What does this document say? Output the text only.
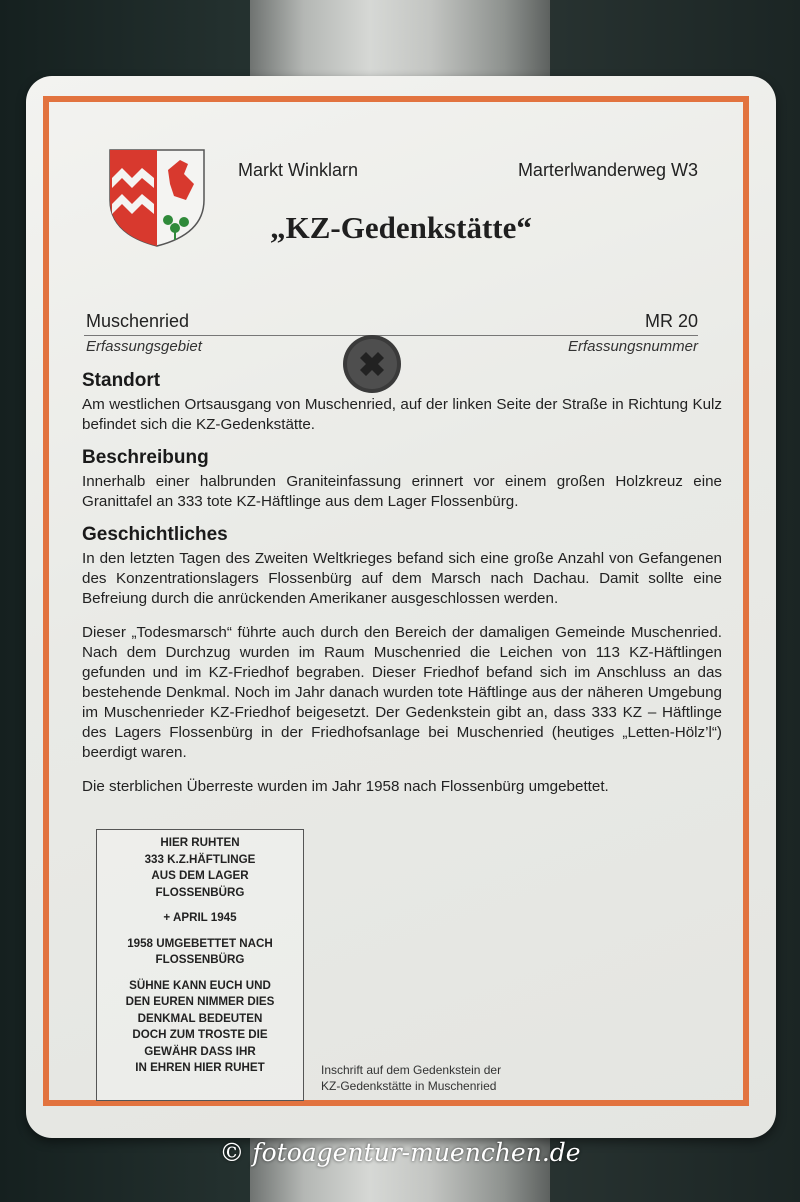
Markt Winklarn	Marterlwanderweg W3
„KZ-Gedenkstätte“
Muschenried	MR 20
Erfassungsgebiet	Erfassungsnummer
Standort

Am westlichen Ortsausgang von Muschenried, auf der linken Seite der Straße in Richtung Kulz befindet sich die KZ-Gedenkstätte.

Beschreibung

Innerhalb einer halbrunden Graniteinfassung erinnert vor einem großen Holzkreuz eine Granittafel an 333 tote KZ-Häftlinge aus dem Lager Flossenbürg.

Geschichtliches

In den letzten Tagen des Zweiten Weltkrieges befand sich eine große Anzahl von Gefangenen des Konzentrationslagers Flossenbürg auf dem Marsch nach Dachau. Damit sollte eine Befreiung durch die anrückenden Amerikaner ausgeschlossen werden.

Dieser „Todesmarsch“ führte auch durch den Bereich der damaligen Gemeinde Muschenried. Nach dem Durchzug wurden im Raum Muschenried die Leichen von 113 KZ-Häftlingen gefunden und im KZ-Friedhof begraben. Dieser Friedhof befand sich im Anschluss an das bestehende Denkmal. Noch im Jahr danach wurden tote Häftlinge aus der näheren Umgebung im Muschenrieder KZ-Friedhof beigesetzt. Der Gedenkstein gibt an, dass 333 KZ – Häftlinge des Lagers Flossenbürg in der Friedhofsanlage bei Muschenried (heutiges „Letten-Hölz’l“) beerdigt waren.

Die sterblichen Überreste wurden im Jahr 1958 nach Flossenbürg umgebettet.

HIER RUHTEN
333 K.Z.HÄFTLINGE
AUS DEM LAGER
FLOSSENBÜRG
+ APRIL 1945
1958 UMGEBETTET NACH
FLOSSENBÜRG
SÜHNE KANN EUCH UND
DEN EUREN NIMMER DIES
DENKMAL BEDEUTEN
DOCH ZUM TROSTE DIE
GEWÄHR DASS IHR
IN EHREN HIER RUHET	Inschrift auf dem Gedenkstein der
KZ-Gedenkstätte in Muschenried
© fotoagentur-muenchen.de
